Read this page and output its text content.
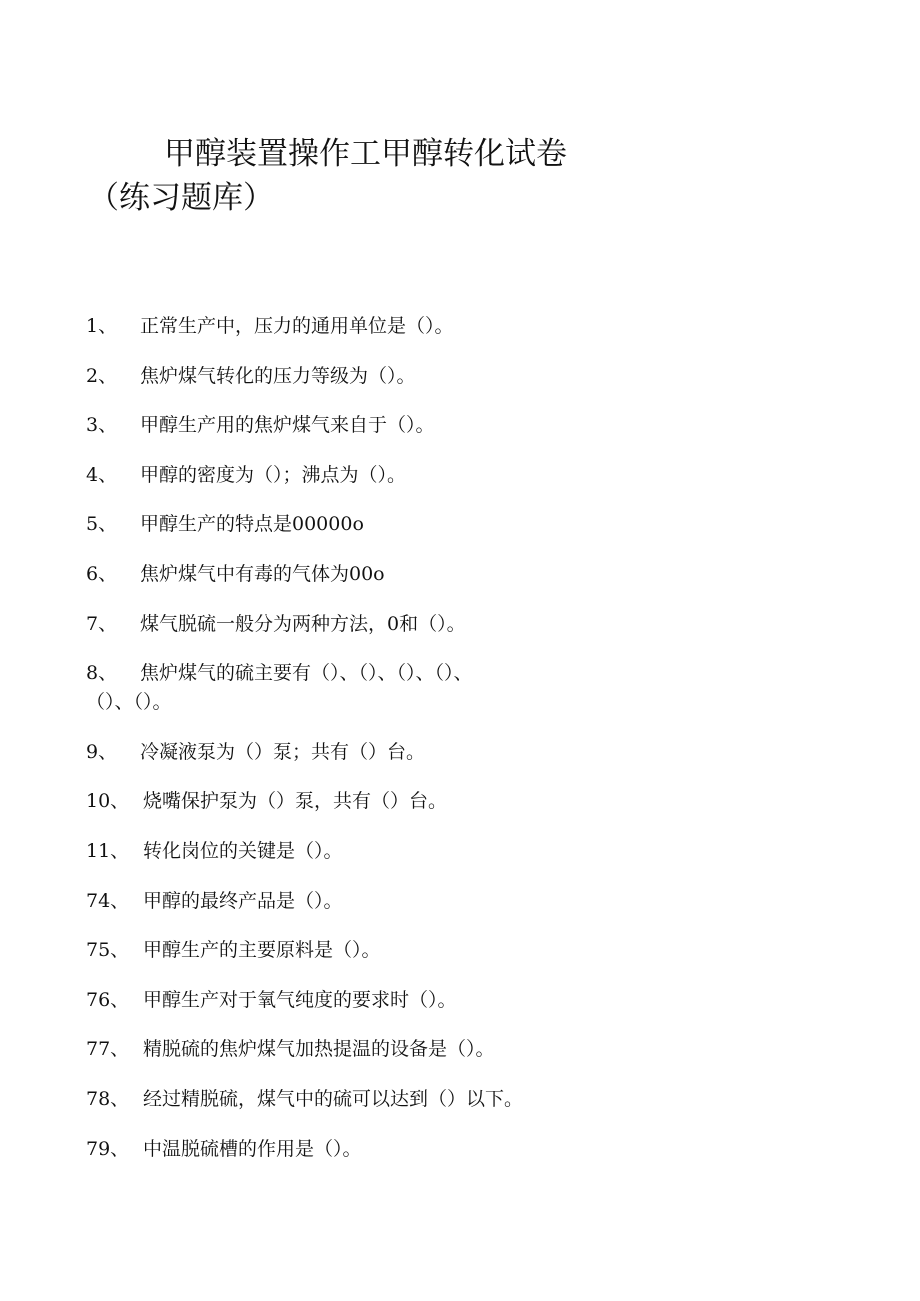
甲醇装置操作工甲醇转化试卷
（练习题库）
1、 正常生产中，压力的通用单位是（）。
2、 焦炉煤气转化的压力等级为（）。
3、 甲醇生产用的焦炉煤气来自于（）。
4、 甲醇的密度为（）；沸点为（）。
5、 甲醇生产的特点是00000o
6、 焦炉煤气中有毒的气体为00o
7、 煤气脱硫一般分为两种方法，0和（）。
8、 焦炉煤气的硫主要有（）、（）、（）、（）、
（）、（）。
9、 冷凝液泵为（）泵；共有（）台。
10、 烧嘴保护泵为（）泵，共有（）台。
11、 转化岗位的关键是（）。
74、 甲醇的最终产品是（）。
75、 甲醇生产的主要原料是（）。
76、 甲醇生产对于氧气纯度的要求时（）。
77、 精脱硫的焦炉煤气加热提温的设备是（）。
78、 经过精脱硫，煤气中的硫可以达到（）以下。
79、 中温脱硫槽的作用是（）。
